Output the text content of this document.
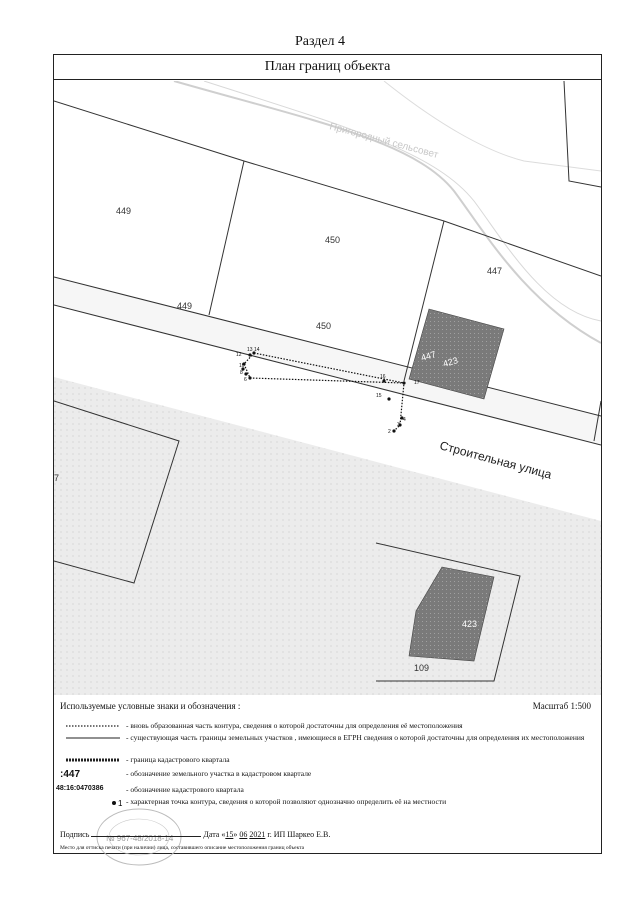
Раздел 4
План границ объекта
449
449
450
450
447
447 423
423
109
7	Строительная улица
Пригородный сельсовет
10
8
12
13 14
6	16
17
15
2
3
4
Используемые условные знаки и обозначения :	Масштаб 1:500
- вновь образованная часть контура, сведения о которой достаточны для определения её местоположения
- существующая часть границы земельных участков , имеющиеся в ЕГРН сведения о которой достаточны для определения их местоположения
- граница кадастрового квартала
:447	- обозначение земельного участка в кадастровом квартале
48:16:0470386	- обозначение кадастрового квартала
1 - характерная точка контура, сведения о которой позволяют однозначно определить её на местности
№ 967-48/2018-14
Подпись	Дата «15» 06 2021 г. ИП Шаркео Е.В.
Место для оттиска печати (при наличии) лица, составившего описание местоположения границ объекта
